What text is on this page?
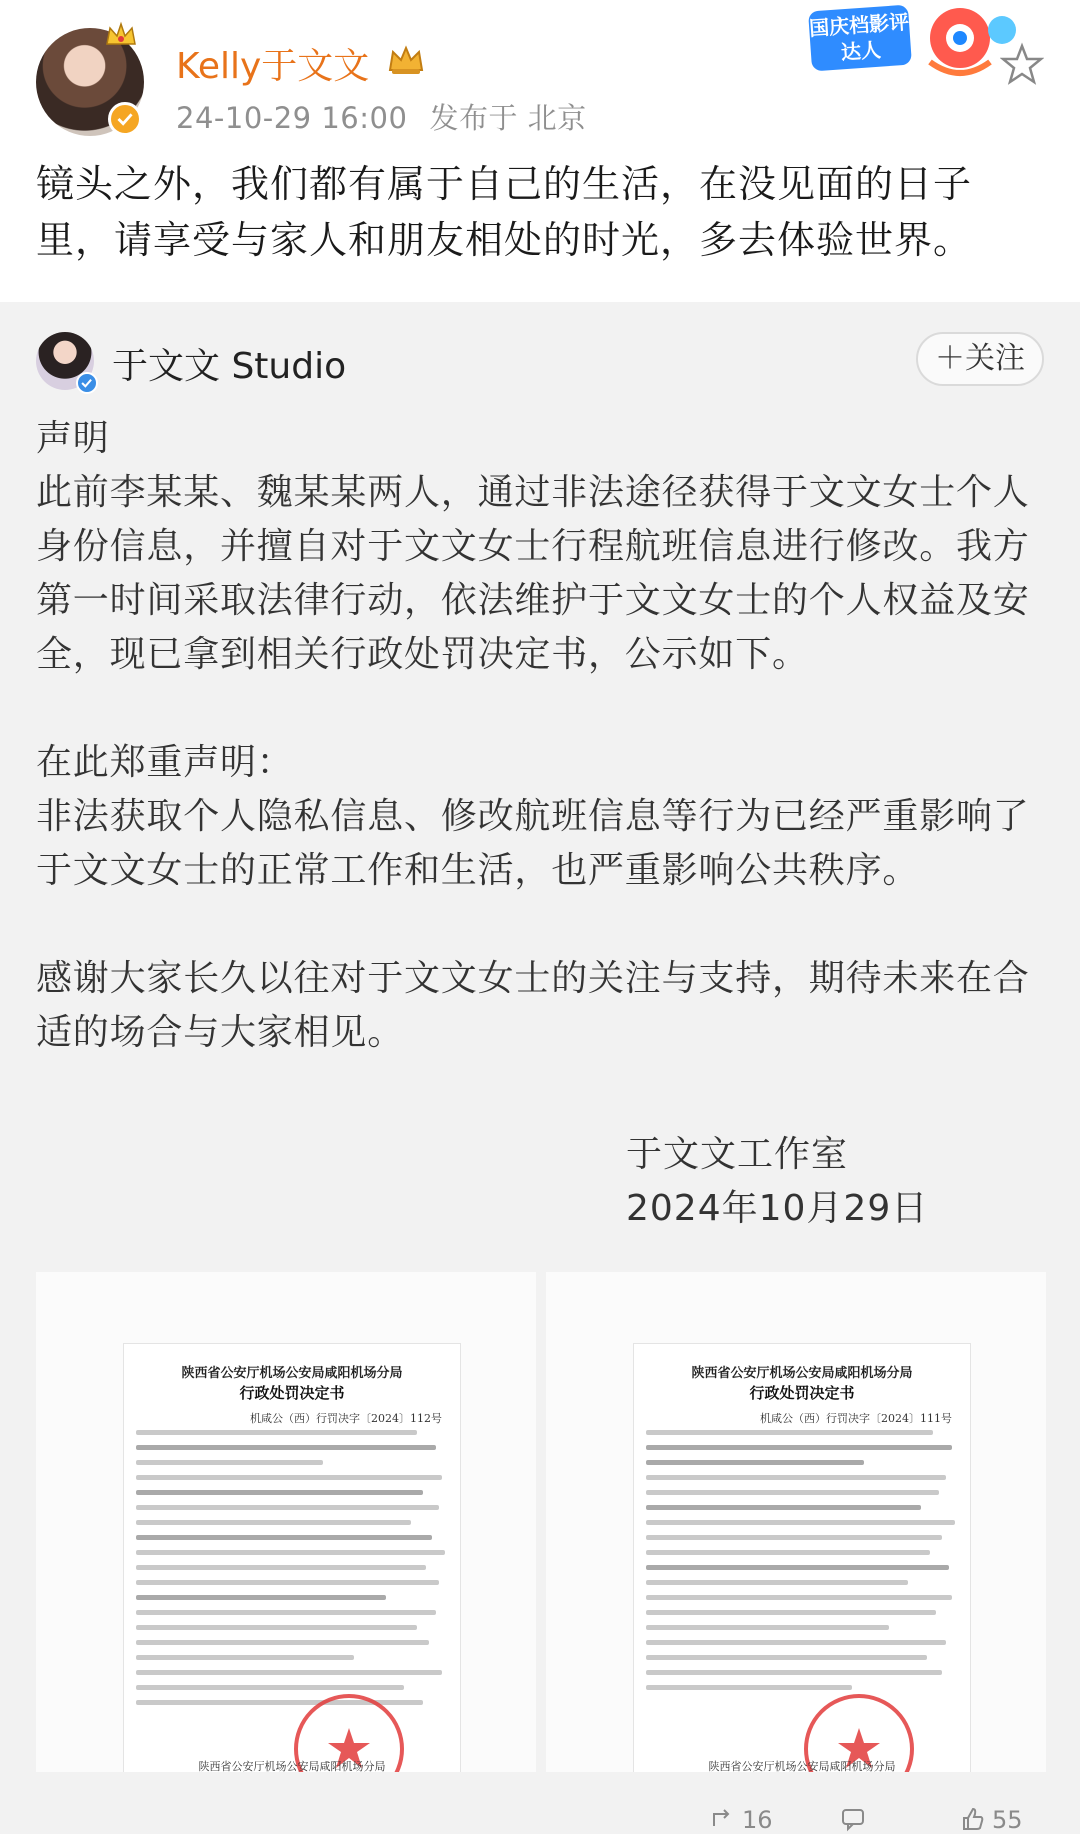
Kelly于文文
24-10-29 16:00 发布于 北京
国庆档影评达人
镜头之外，我们都有属于自己的生活，在没见面的日子里，请享受与家人和朋友相处的时光，多去体验世界。
于文文 Studio	＋关注

声明

此前李某某、魏某某两人，通过非法途径获得于文文女士个人身份信息，并擅自对于文文女士行程航班信息进行修改。我方第一时间采取法律行动，依法维护于文文女士的个人权益及安全，现已拿到相关行政处罚决定书，公示如下。

在此郑重声明：

非法获取个人隐私信息、修改航班信息等行为已经严重影响了于文文女士的正常工作和生活，也严重影响公共秩序。

感谢大家长久以往对于文文女士的关注与支持，期待未来在合适的场合与大家相见。

于文文工作室
2024年10月29日
陕西省公安厅机场公安局咸阳机场分局
行政处罚决定书
机咸公（西）行罚决字〔2024〕112号
陕西省公安厅机场公安局咸阳机场分局
陕西省公安厅机场公安局咸阳机场分局
行政处罚决定书
机咸公（西）行罚决字〔2024〕111号
陕西省公安厅机场公安局咸阳机场分局
16	55
